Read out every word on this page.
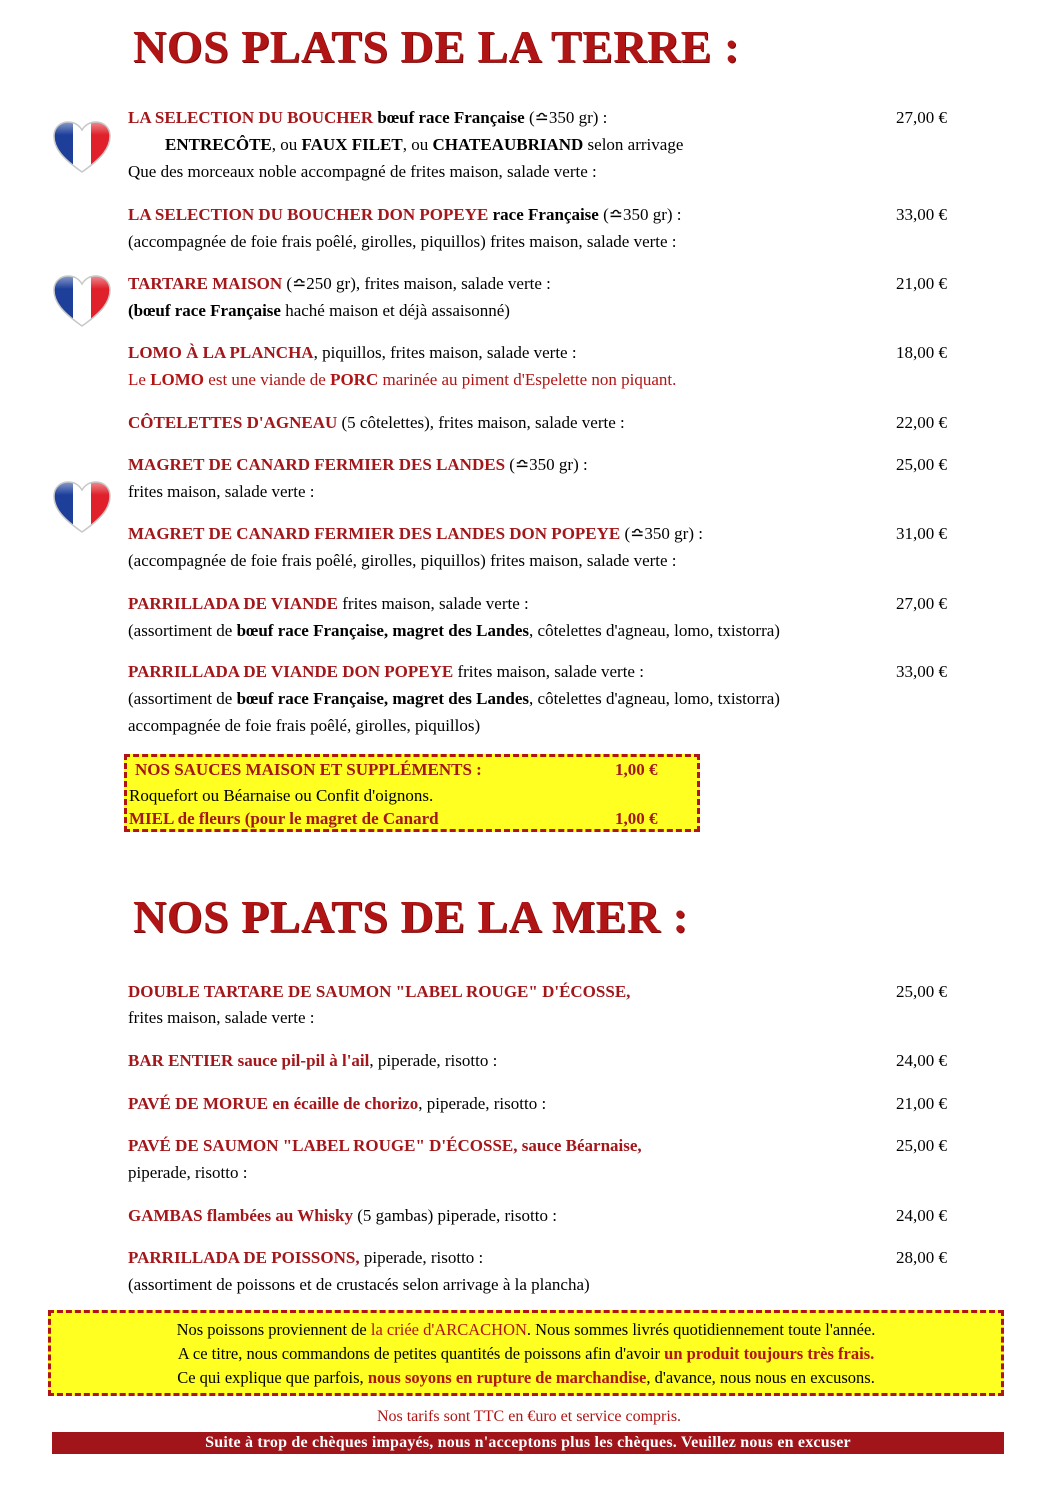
NOS PLATS DE LA TERRE :
LA SELECTION DU BOUCHER bœuf race Française (≏350 gr) :	27,00 €
ENTRECÔTE, ou FAUX FILET, ou CHATEAUBRIAND selon arrivage
Que des morceaux noble accompagné de frites maison, salade verte :
LA SELECTION DU BOUCHER DON POPEYE race Française (≏350 gr) :	33,00 €
(accompagnée de foie frais poêlé, girolles, piquillos) frites maison, salade verte :
TARTARE MAISON (≏250 gr), frites maison, salade verte :	21,00 €
(bœuf race Française haché maison et déjà assaisonné)
LOMO À LA PLANCHA, piquillos, frites maison, salade verte :	18,00 €
Le LOMO est une viande de PORC marinée au piment d'Espelette non piquant.
CÔTELETTES D'AGNEAU (5 côtelettes), frites maison, salade verte :	22,00 €
MAGRET DE CANARD FERMIER DES LANDES (≏350 gr) :	25,00 €
frites maison, salade verte :
MAGRET DE CANARD FERMIER DES LANDES DON POPEYE (≏350 gr) :	31,00 €
(accompagnée de foie frais poêlé, girolles, piquillos) frites maison, salade verte :
PARRILLADA DE VIANDE frites maison, salade verte :	27,00 €
(assortiment de bœuf race Française, magret des Landes, côtelettes d'agneau, lomo, txistorra)
PARRILLADA DE VIANDE DON POPEYE frites maison, salade verte :	33,00 €
(assortiment de bœuf race Française, magret des Landes, côtelettes d'agneau, lomo, txistorra)
accompagnée de foie frais poêlé, girolles, piquillos)
NOS SAUCES MAISON ET SUPPLÉMENTS :	1,00 €
Roquefort ou Béarnaise ou Confit d'oignons.
MIEL de fleurs (pour le magret de Canard	1,00 €
NOS PLATS DE LA MER :
DOUBLE TARTARE DE SAUMON "LABEL ROUGE" D'ÉCOSSE,	25,00 €
frites maison, salade verte :
BAR ENTIER sauce pil-pil à l'ail, piperade, risotto :	24,00 €
PAVÉ DE MORUE en écaille de chorizo, piperade, risotto :	21,00 €
PAVÉ DE SAUMON "LABEL ROUGE" D'ÉCOSSE, sauce Béarnaise,	25,00 €
piperade, risotto :
GAMBAS flambées au Whisky (5 gambas) piperade, risotto :	24,00 €
PARRILLADA DE POISSONS, piperade, risotto :	28,00 €
(assortiment de poissons et de crustacés selon arrivage à la plancha)
Nos poissons proviennent de la criée d'ARCACHON. Nous sommes livrés quotidiennement toute l'année.
A ce titre, nous commandons de petites quantités de poissons afin d'avoir un produit toujours très frais.
Ce qui explique que parfois, nous soyons en rupture de marchandise, d'avance, nous nous en excusons.
Nos tarifs sont TTC en €uro et service compris.
Suite à trop de chèques impayés, nous n'acceptons plus les chèques. Veuillez nous en excuser
